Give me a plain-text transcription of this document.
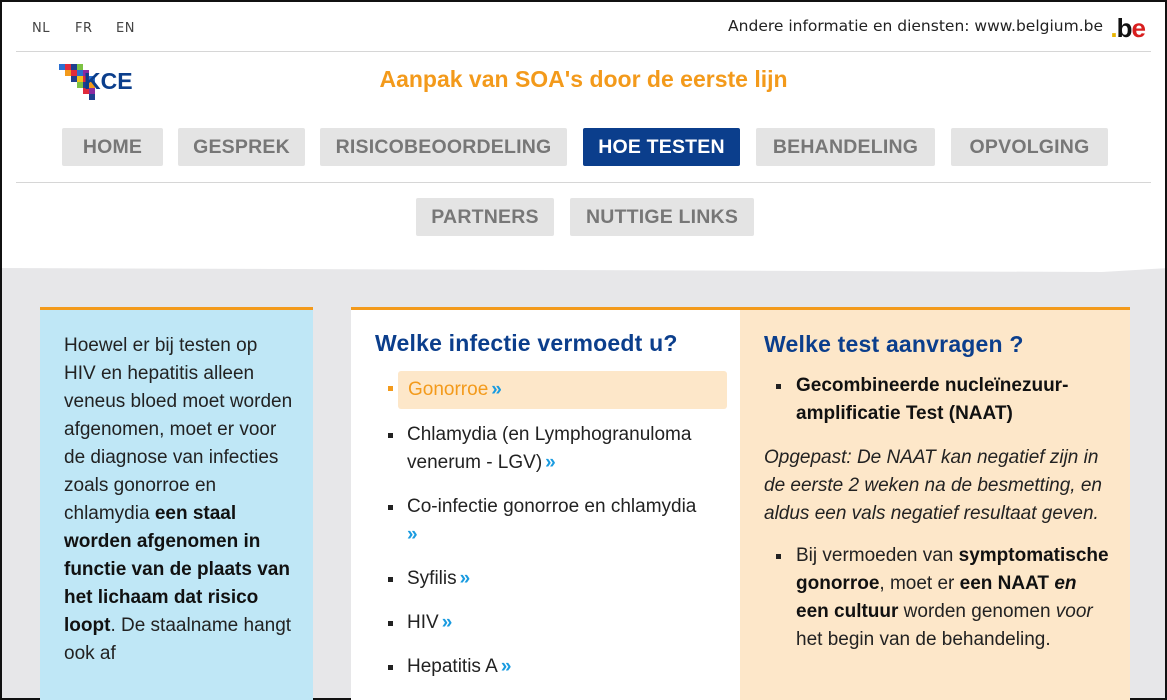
NL FR EN	Andere informatie en diensten: www.belgium.be .be
KCE	Aanpak van SOA's door de eerste lijn
HOME	GESPREK	RISICOBEOORDELING	HOE TESTEN	BEHANDELING	OPVOLGING
PARTNERS	NUTTIGE LINKS
Hoewel er bij testen op HIV en hepatitis alleen veneus bloed moet worden afgenomen, moet er voor de diagnose van infecties zoals gonorroe en chlamydia een staal worden afgenomen in functie van de plaats van het lichaam dat risico loopt. De staalname hangt ook af
Welke infectie vermoedt u?
Gonorroe »
Chlamydia (en Lymphogranuloma venerum - LGV) »
Co-infectie gonorroe en chlamydia
»
Syfilis »
HIV »
Hepatitis A »
Welke test aanvragen ?
Gecombineerde nucleïnezuur-amplificatie Test (NAAT)
Opgepast: De NAAT kan negatief zijn in de eerste 2 weken na de besmetting, en aldus een vals negatief resultaat geven.
Bij vermoeden van symptomatische gonorroe, moet er een NAAT en een cultuur worden genomen voor het begin van de behandeling.
